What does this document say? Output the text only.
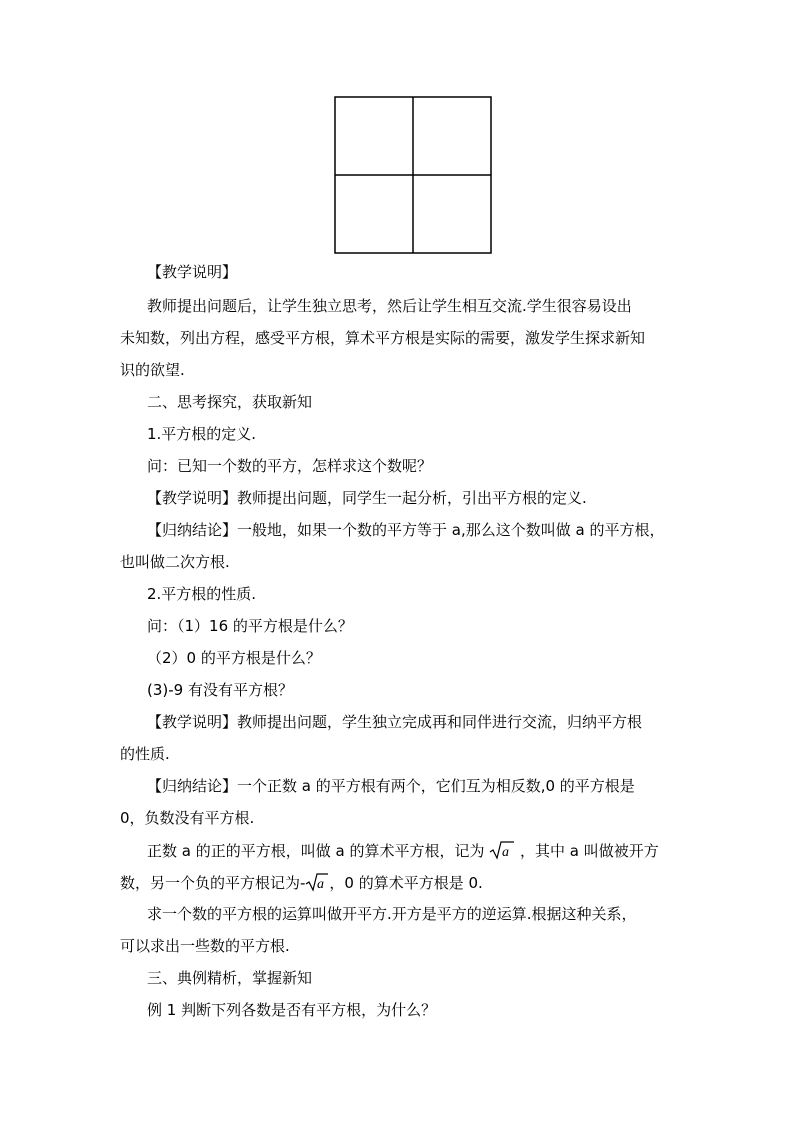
【教学说明】
教师提出问题后，让学生独立思考，然后让学生相互交流.学生很容易设出
未知数，列出方程，感受平方根，算术平方根是实际的需要，激发学生探求新知
识的欲望.
二、思考探究，获取新知
1.平方根的定义.
问：已知一个数的平方，怎样求这个数呢？
【教学说明】教师提出问题，同学生一起分析，引出平方根的定义.
【归纳结论】一般地，如果一个数的平方等于 a,那么这个数叫做 a 的平方根，
也叫做二次方根.
2.平方根的性质.
问：（1）16 的平方根是什么？
（2）0 的平方根是什么？
(3)-9 有没有平方根？
【教学说明】教师提出问题，学生独立完成再和同伴进行交流，归纳平方根
的性质.
【归纳结论】一个正数 a 的平方根有两个，它们互为相反数,0 的平方根是
0，负数没有平方根.
正数 a 的正的平方根，叫做 a 的算术平方根，记为 a ，其中 a 叫做被开方
数，另一个负的平方根记为- a ，0 的算术平方根是 0.
求一个数的平方根的运算叫做开平方.开方是平方的逆运算.根据这种关系，
可以求出一些数的平方根.
三、典例精析，掌握新知
例 1 判断下列各数是否有平方根，为什么？
